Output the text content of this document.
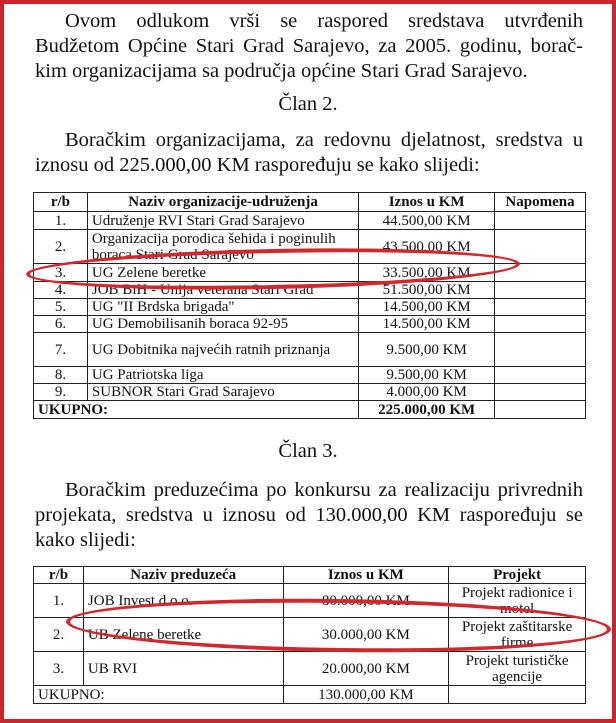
Ovom odlukom vrši se raspored sredstava utvrđenih
Budžetom Općine Stari Grad Sarajevo, za 2005. godinu, borač-
kim organizacijama sa područja općine Stari Grad Sarajevo.
Član 2.
Boračkim organizacijama, za redovnu djelatnost, sredstva u
iznosu od 225.000,00 KM raspoređuju se kako slijedi:
r/b	Naziv organizacije-udruženja	Iznos u KM	Napomena
1.	Udruženje RVI Stari Grad Sarajevo	44.500,00 KM	
2.	Organizacija porodica šehida i poginulih boraca Stari Grad Sarajevo	43.500,00 KM	
3.	UG Zelene beretke	33.500,00 KM	
4.	JOB BiH - Unija veterana Stari Grad	51.500,00 KM	
5.	UG "II Brdska brigada"	14.500,00 KM	
6.	UG Demobilisanih boraca 92-95	14.500,00 KM	
7.	UG Dobitnika najvećih ratnih priznanja	9.500,00 KM	
8.	UG Patriotska liga	9.500,00 KM	
9.	SUBNOR Stari Grad Sarajevo	4.000,00 KM	
UKUPNO:		225.000,00 KM	
Član 3.
Boračkim preduzećima po konkursu za realizaciju privrednih
projekata, sredstva u iznosu od 130.000,00 KM raspoređuju se
kako slijedi:
r/b	Naziv preduzeća	Iznos u KM	Projekt
1.	JOB Invest d.o.o.	80.000,00 KM	Projekt radionice i motel
2.	UB Zelene beretke	30.000,00 KM	Projekt zaštitarske firme
3.	UB RVI	20.000,00 KM	Projekt turističke agencije
UKUPNO:		130.000,00 KM	
